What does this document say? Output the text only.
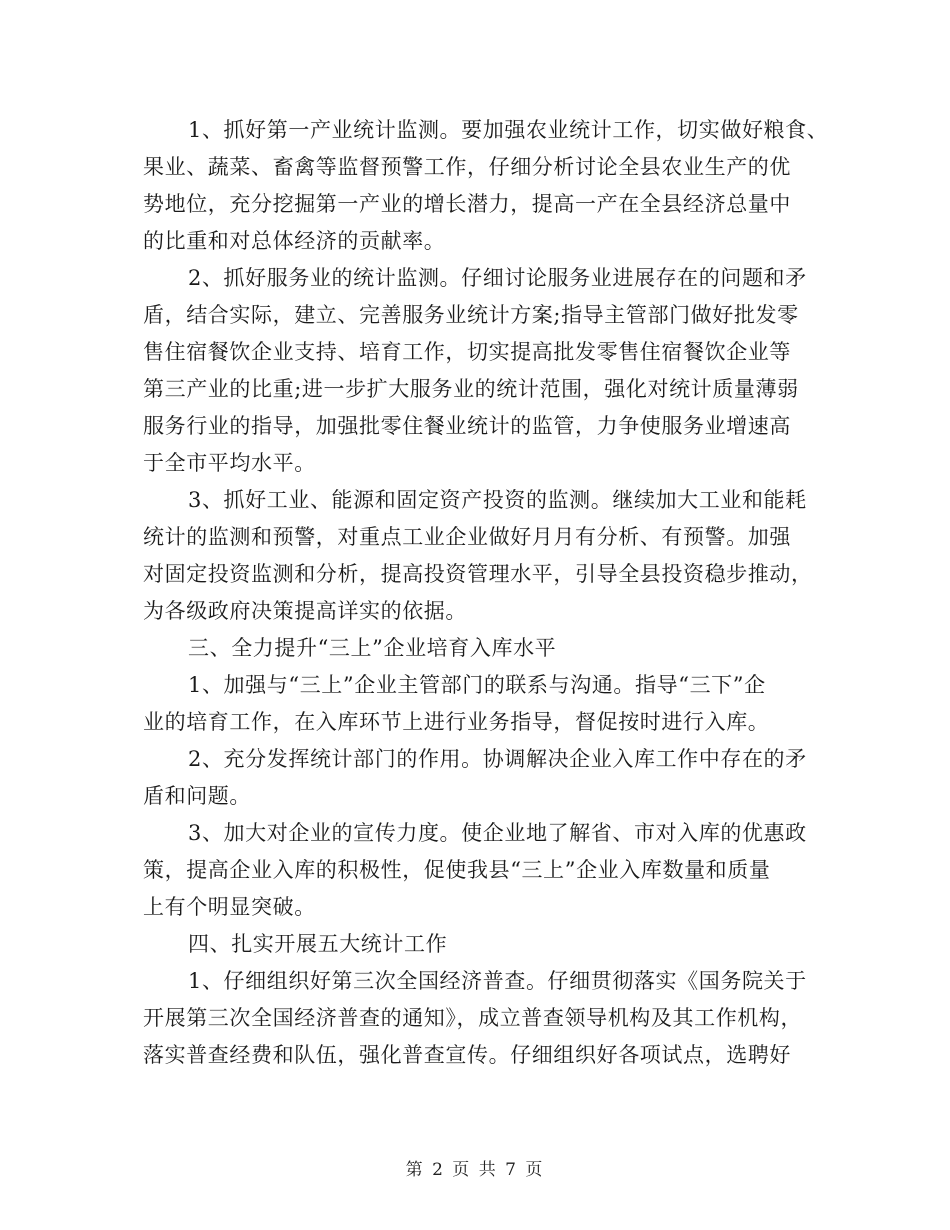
1、抓好第一产业统计监测。要加强农业统计工作，切实做好粮食、
果业、蔬菜、畜禽等监督预警工作，仔细分析讨论全县农业生产的优
势地位，充分挖掘第一产业的增长潜力，提高一产在全县经济总量中
的比重和对总体经济的贡献率。
2、抓好服务业的统计监测。仔细讨论服务业进展存在的问题和矛
盾，结合实际，建立、完善服务业统计方案;指导主管部门做好批发零
售住宿餐饮企业支持、培育工作，切实提高批发零售住宿餐饮企业等
第三产业的比重;进一步扩大服务业的统计范围，强化对统计质量薄弱
服务行业的指导，加强批零住餐业统计的监管，力争使服务业增速高
于全市平均水平。
3、抓好工业、能源和固定资产投资的监测。继续加大工业和能耗
统计的监测和预警，对重点工业企业做好月月有分析、有预警。加强
对固定投资监测和分析，提高投资管理水平，引导全县投资稳步推动，
为各级政府决策提高详实的依据。
三、全力提升“三上”企业培育入库水平
1、加强与“三上”企业主管部门的联系与沟通。指导“三下”企
业的培育工作，在入库环节上进行业务指导，督促按时进行入库。
2、充分发挥统计部门的作用。协调解决企业入库工作中存在的矛
盾和问题。
3、加大对企业的宣传力度。使企业地了解省、市对入库的优惠政
策，提高企业入库的积极性，促使我县“三上”企业入库数量和质量
上有个明显突破。
四、扎实开展五大统计工作
1、仔细组织好第三次全国经济普查。仔细贯彻落实《国务院关于
开展第三次全国经济普查的通知》，成立普查领导机构及其工作机构，
落实普查经费和队伍，强化普查宣传。仔细组织好各项试点，选聘好
第 2 页 共 7 页
